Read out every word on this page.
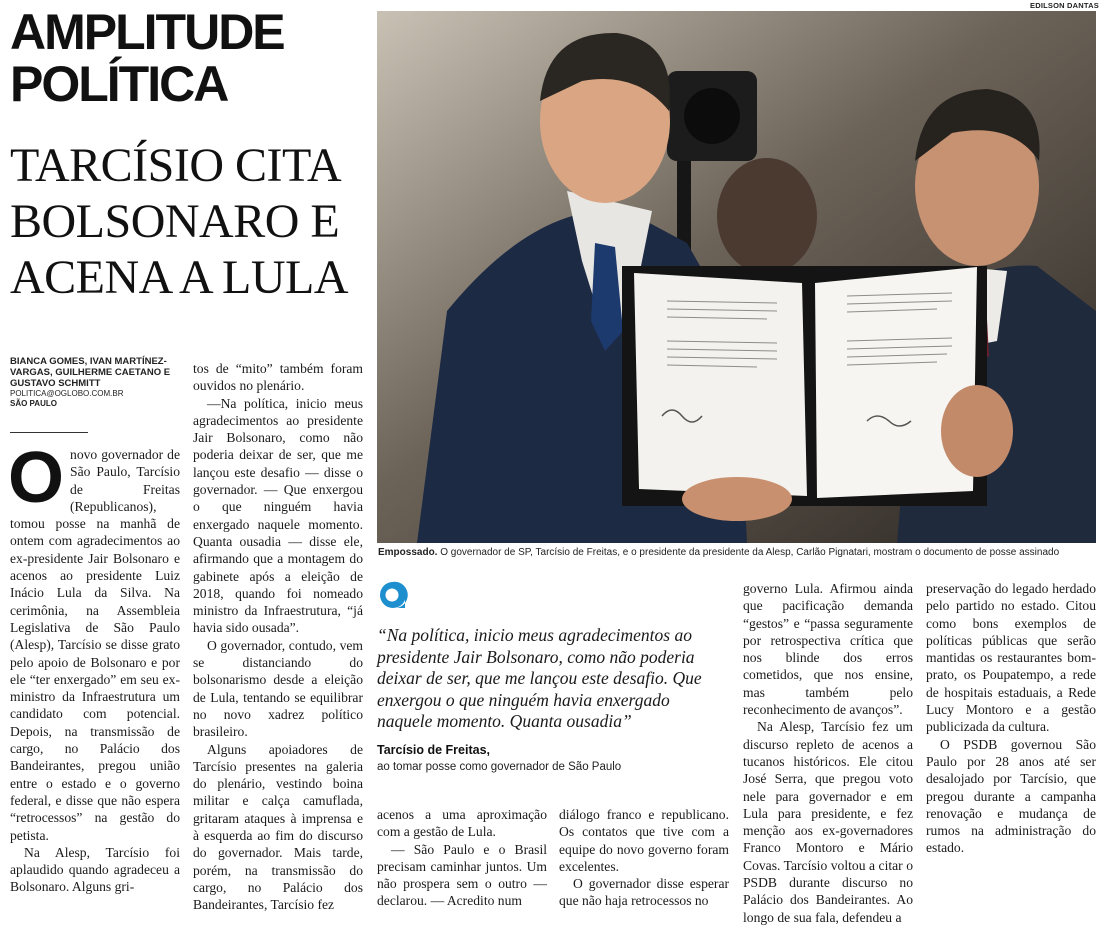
AMPLITUDE POLÍTICA
TARCÍSIO CITA BOLSONARO E ACENA A LULA
BIANCA GOMES, IVAN MARTÍNEZ-VARGAS, GUILHERME CAETANO E GUSTAVO SCHMITT
POLITICA@OGLOBO.COM.BR
SÃO PAULO

Onovo governador de São Paulo, Tarcísio de Freitas (Republicanos), tomou posse na manhã de ontem com agradecimentos ao ex-presidente Jair Bolsonaro e acenos ao presidente Luiz Inácio Lula da Silva. Na cerimônia, na Assembleia Legislativa de São Paulo (Alesp), Tarcísio se disse grato pelo apoio de Bolsonaro e por ele “ter enxergado” em seu ex-ministro da Infraestrutura um candidato com potencial. Depois, na transmissão de cargo, no Palácio dos Bandeirantes, pregou união entre o estado e o governo federal, e disse que não espera “retrocessos” na gestão do petista.

Na Alesp, Tarcísio foi aplaudido quando agradeceu a Bolsonaro. Alguns gri-

tos de “mito” também foram ouvidos no plenário.

—Na política, inicio meus agradecimentos ao presidente Jair Bolsonaro, como não poderia deixar de ser, que me lançou este desafio — disse o governador. — Que enxergou o que ninguém havia enxergado naquele momento. Quanta ousadia — disse ele, afirmando que a montagem do gabinete após a eleição de 2018, quando foi nomeado ministro da Infraestrutura, “já havia sido ousada”.

O governador, contudo, vem se distanciando do bolsonarismo desde a eleição de Lula, tentando se equilibrar no novo xadrez político brasileiro.

Alguns apoiadores de Tarcísio presentes na galeria do plenário, vestindo boina militar e calça camuflada, gritaram ataques à imprensa e à esquerda ao fim do discurso do governador. Mais tarde, porém, na transmissão do cargo, no Palácio dos Bandeirantes, Tarcísio fez

EDILSON DANTAS
Empossado. O governador de SP, Tarcísio de Freitas, e o presidente da presidente da Alesp, Carlão Pignatari, mostram o documento de posse assinado
“Na política, inicio meus agradecimentos ao presidente Jair Bolsonaro, como não poderia deixar de ser, que me lançou este desafio. Que enxergou o que ninguém havia enxergado naquele momento. Quanta ousadia”
Tarcísio de Freitas,
ao tomar posse como governador de São Paulo

acenos a uma aproximação com a gestão de Lula.

— São Paulo e o Brasil precisam caminhar juntos. Um não prospera sem o outro — declarou. — Acredito num

diálogo franco e republicano. Os contatos que tive com a equipe do novo governo foram excelentes.

O governador disse esperar que não haja retrocessos no

governo Lula. Afirmou ainda que pacificação demanda “gestos” e “passa seguramente por retrospectiva crítica que nos blinde dos erros cometidos, que nos ensine, mas também pelo reconhecimento de avanços”.

Na Alesp, Tarcísio fez um discurso repleto de acenos a tucanos históricos. Ele citou José Serra, que pregou voto nele para governador e em Lula para presidente, e fez menção aos ex-governadores Franco Montoro e Mário Covas. Tarcísio voltou a citar o PSDB durante discurso no Palácio dos Bandeirantes. Ao longo de sua fala, defendeu a

preservação do legado herdado pelo partido no estado. Citou como bons exemplos de políticas públicas que serão mantidas os restaurantes bom-prato, os Poupatempo, a rede de hospitais estaduais, a Rede Lucy Montoro e a gestão publicizada da cultura.

O PSDB governou São Paulo por 28 anos até ser desalojado por Tarcísio, que pregou durante a campanha renovação e mudança de rumos na administração do estado.
